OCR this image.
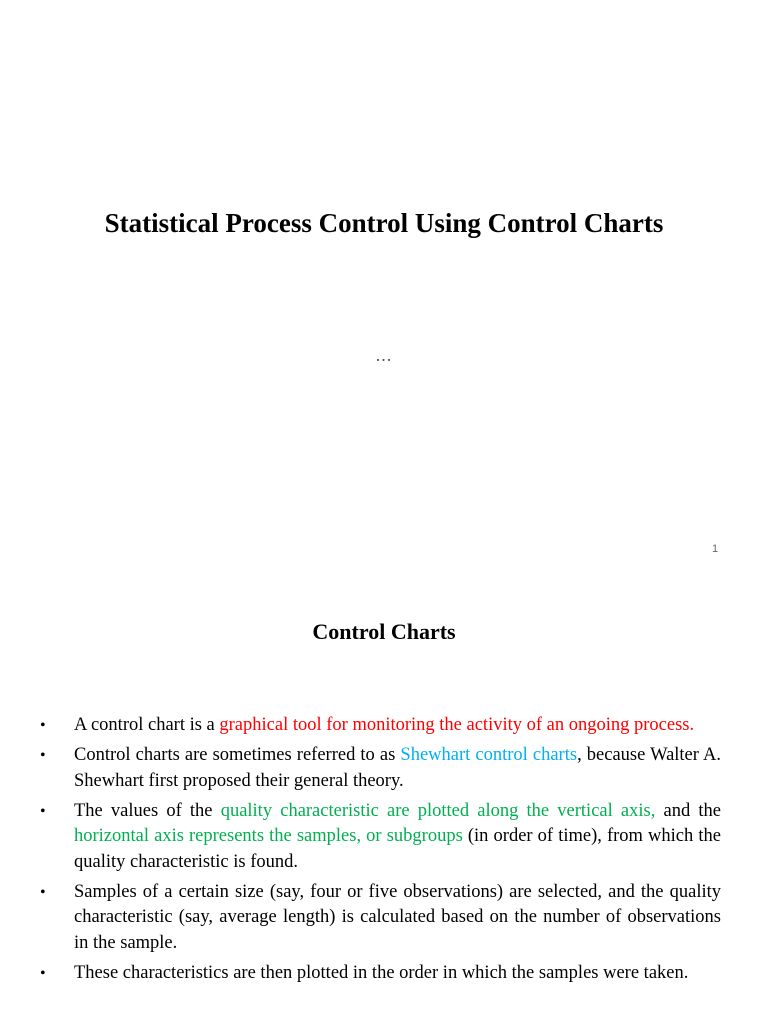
Statistical Process Control Using Control Charts
...
1
Control Charts
• A control chart is a graphical tool for monitoring the activity of an ongoing process.
• Control charts are sometimes referred to as Shewhart control charts, because Walter A. Shewhart first proposed their general theory.
• The values of the quality characteristic are plotted along the vertical axis, and the horizontal axis represents the samples, or subgroups (in order of time), from which the quality characteristic is found.
• Samples of a certain size (say, four or five observations) are selected, and the quality characteristic (say, average length) is calculated based on the number of observations in the sample.
• These characteristics are then plotted in the order in which the samples were taken.
